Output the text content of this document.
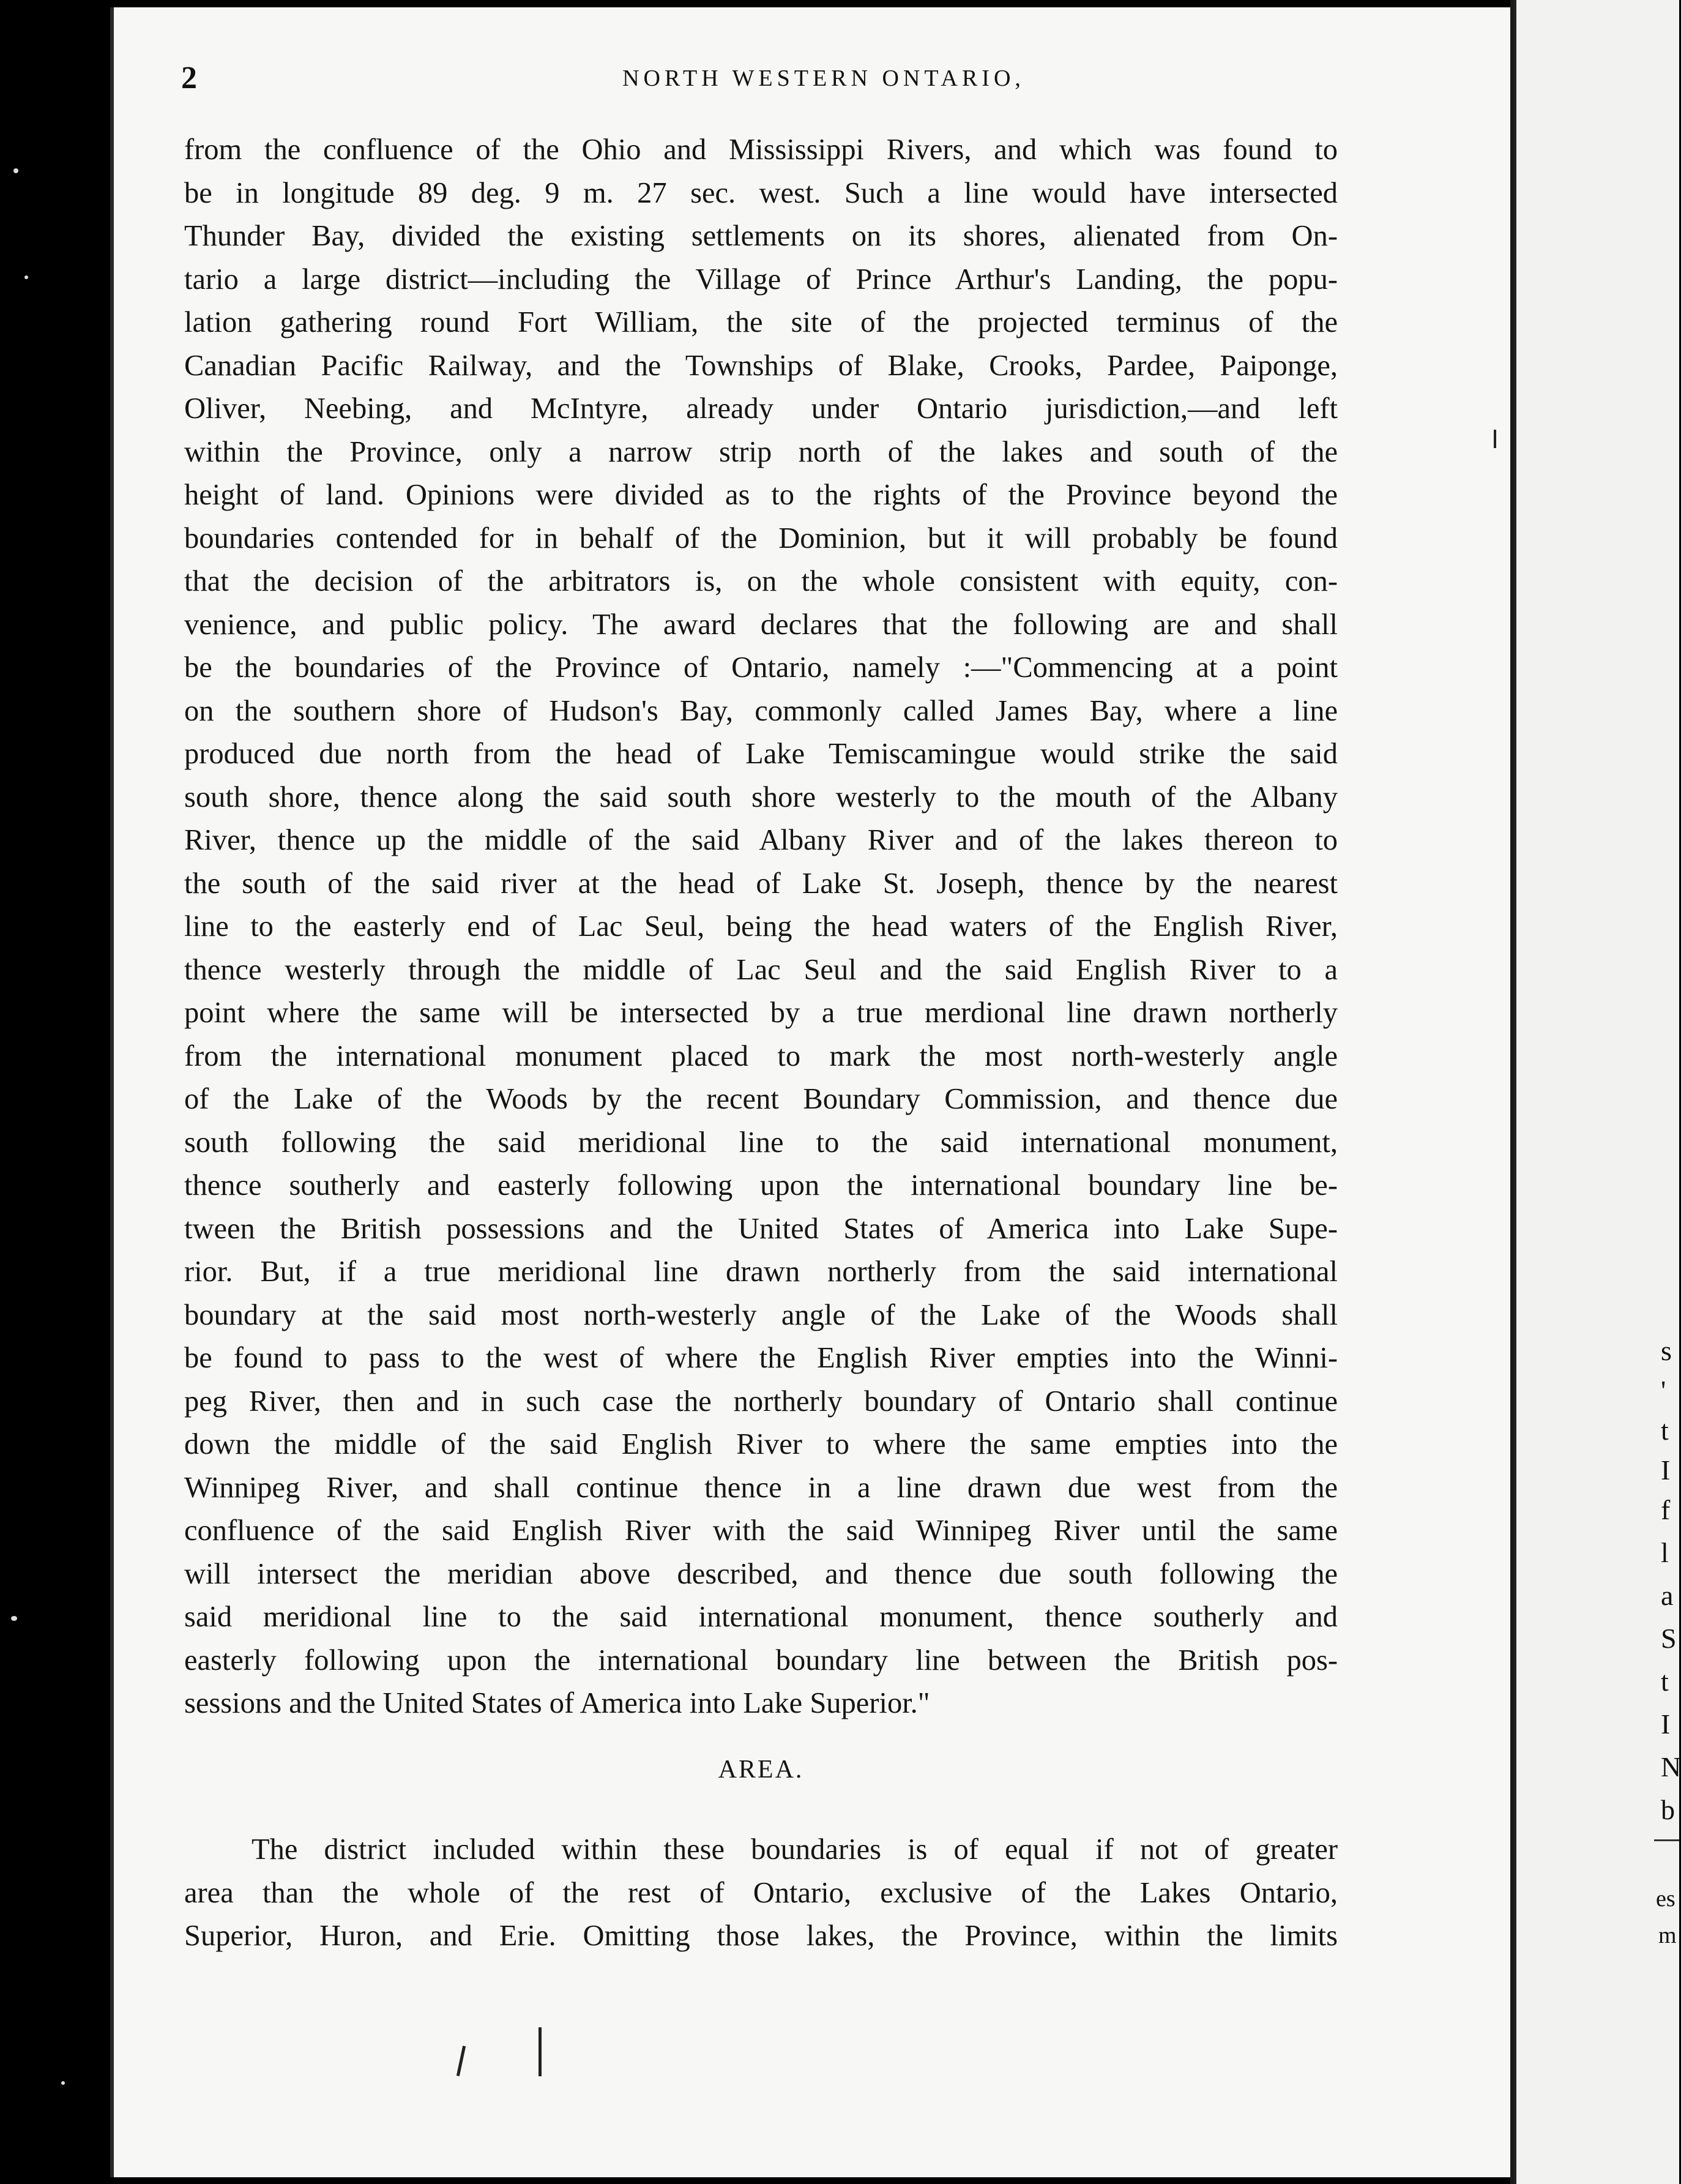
2	NORTH WESTERN ONTARIO,
from the confluence of the Ohio and Mississippi Rivers, and which was found to
be in longitude 89 deg. 9 m. 27 sec. west. Such a line would have intersected
Thunder Bay, divided the existing settlements on its shores, alienated from On-
tario a large district—including the Village of Prince Arthur's Landing, the popu-
lation gathering round Fort William, the site of the projected terminus of the
Canadian Pacific Railway, and the Townships of Blake, Crooks, Pardee, Paiponge,
Oliver, Neebing, and McIntyre, already under Ontario jurisdiction,—and left
within the Province, only a narrow strip north of the lakes and south of the
height of land. Opinions were divided as to the rights of the Province beyond the
boundaries contended for in behalf of the Dominion, but it will probably be found
that the decision of the arbitrators is, on the whole consistent with equity, con-
venience, and public policy. The award declares that the following are and shall
be the boundaries of the Province of Ontario, namely :—"Commencing at a point
on the southern shore of Hudson's Bay, commonly called James Bay, where a line
produced due north from the head of Lake Temiscamingue would strike the said
south shore, thence along the said south shore westerly to the mouth of the Albany
River, thence up the middle of the said Albany River and of the lakes thereon to
the south of the said river at the head of Lake St. Joseph, thence by the nearest
line to the easterly end of Lac Seul, being the head waters of the English River,
thence westerly through the middle of Lac Seul and the said English River to a
point where the same will be intersected by a true merdional line drawn northerly
from the international monument placed to mark the most north-westerly angle
of the Lake of the Woods by the recent Boundary Commission, and thence due
south following the said meridional line to the said international monument,
thence southerly and easterly following upon the international boundary line be-
tween the British possessions and the United States of America into Lake Supe-
rior. But, if a true meridional line drawn northerly from the said international
boundary at the said most north-westerly angle of the Lake of the Woods shall
be found to pass to the west of where the English River empties into the Winni-
peg River, then and in such case the northerly boundary of Ontario shall continue
down the middle of the said English River to where the same empties into the
Winnipeg River, and shall continue thence in a line drawn due west from the
confluence of the said English River with the said Winnipeg River until the same
will intersect the meridian above described, and thence due south following the
said meridional line to the said international monument, thence southerly and
easterly following upon the international boundary line between the British pos-
sessions and the United States of America into Lake Superior."
AREA.
The district included within these boundaries is of equal if not of greater
area than the whole of the rest of Ontario, exclusive of the Lakes Ontario,
Superior, Huron, and Erie. Omitting those lakes, the Province, within the limits
s
'
t
I
f
l
a
S
t
I
N
b
es
m
